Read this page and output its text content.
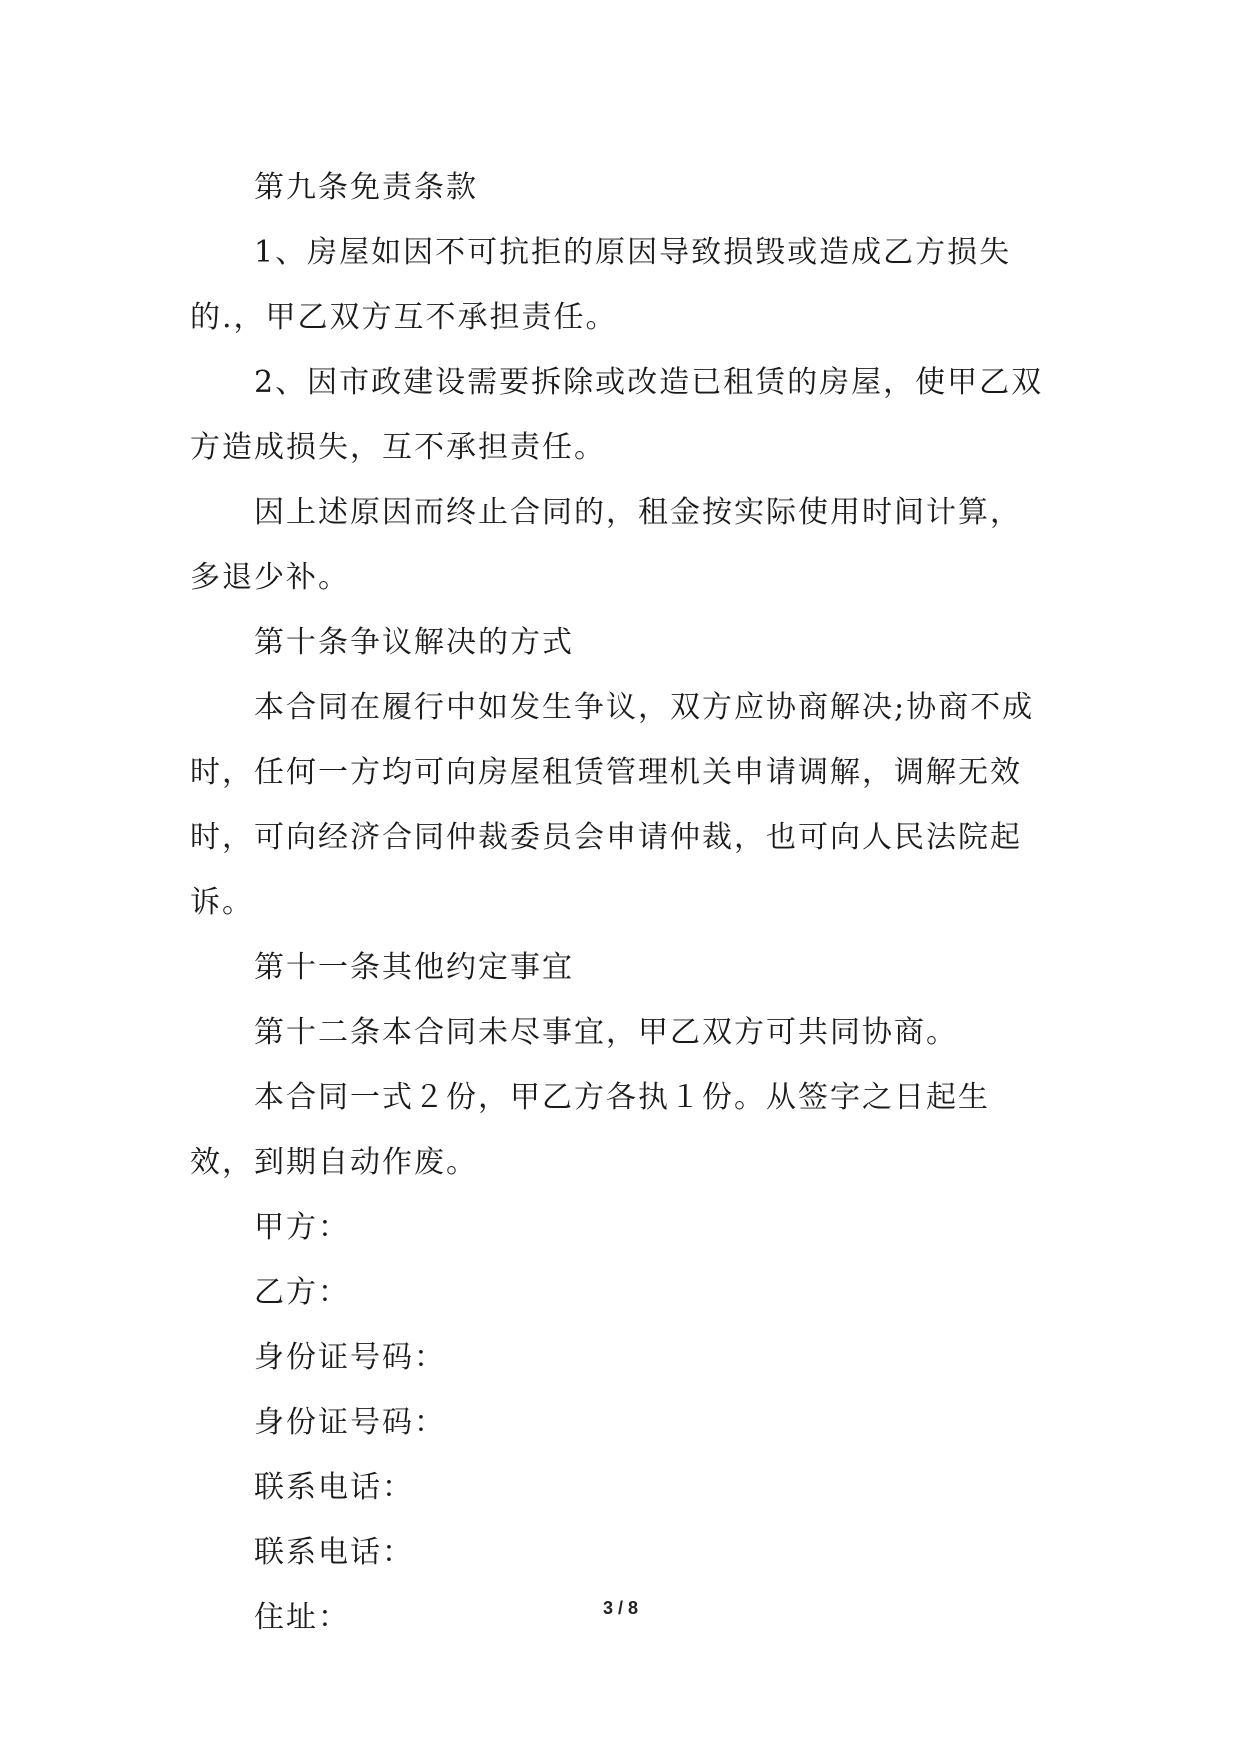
第九条免责条款

1、房屋如因不可抗拒的原因导致损毁或造成乙方损失的.，甲乙双方互不承担责任。

2、因市政建设需要拆除或改造已租赁的房屋，使甲乙双方造成损失，互不承担责任。

因上述原因而终止合同的，租金按实际使用时间计算，多退少补。

第十条争议解决的方式

本合同在履行中如发生争议，双方应协商解决;协商不成时，任何一方均可向房屋租赁管理机关申请调解，调解无效时，可向经济合同仲裁委员会申请仲裁，也可向人民法院起诉。

第十一条其他约定事宜

第十二条本合同未尽事宜，甲乙双方可共同协商。

本合同一式２份，甲乙方各执１份。从签字之日起生效，到期自动作废。

甲方：

乙方：

身份证号码：

身份证号码：

联系电话：

联系电话：

住址：	3 / 8
